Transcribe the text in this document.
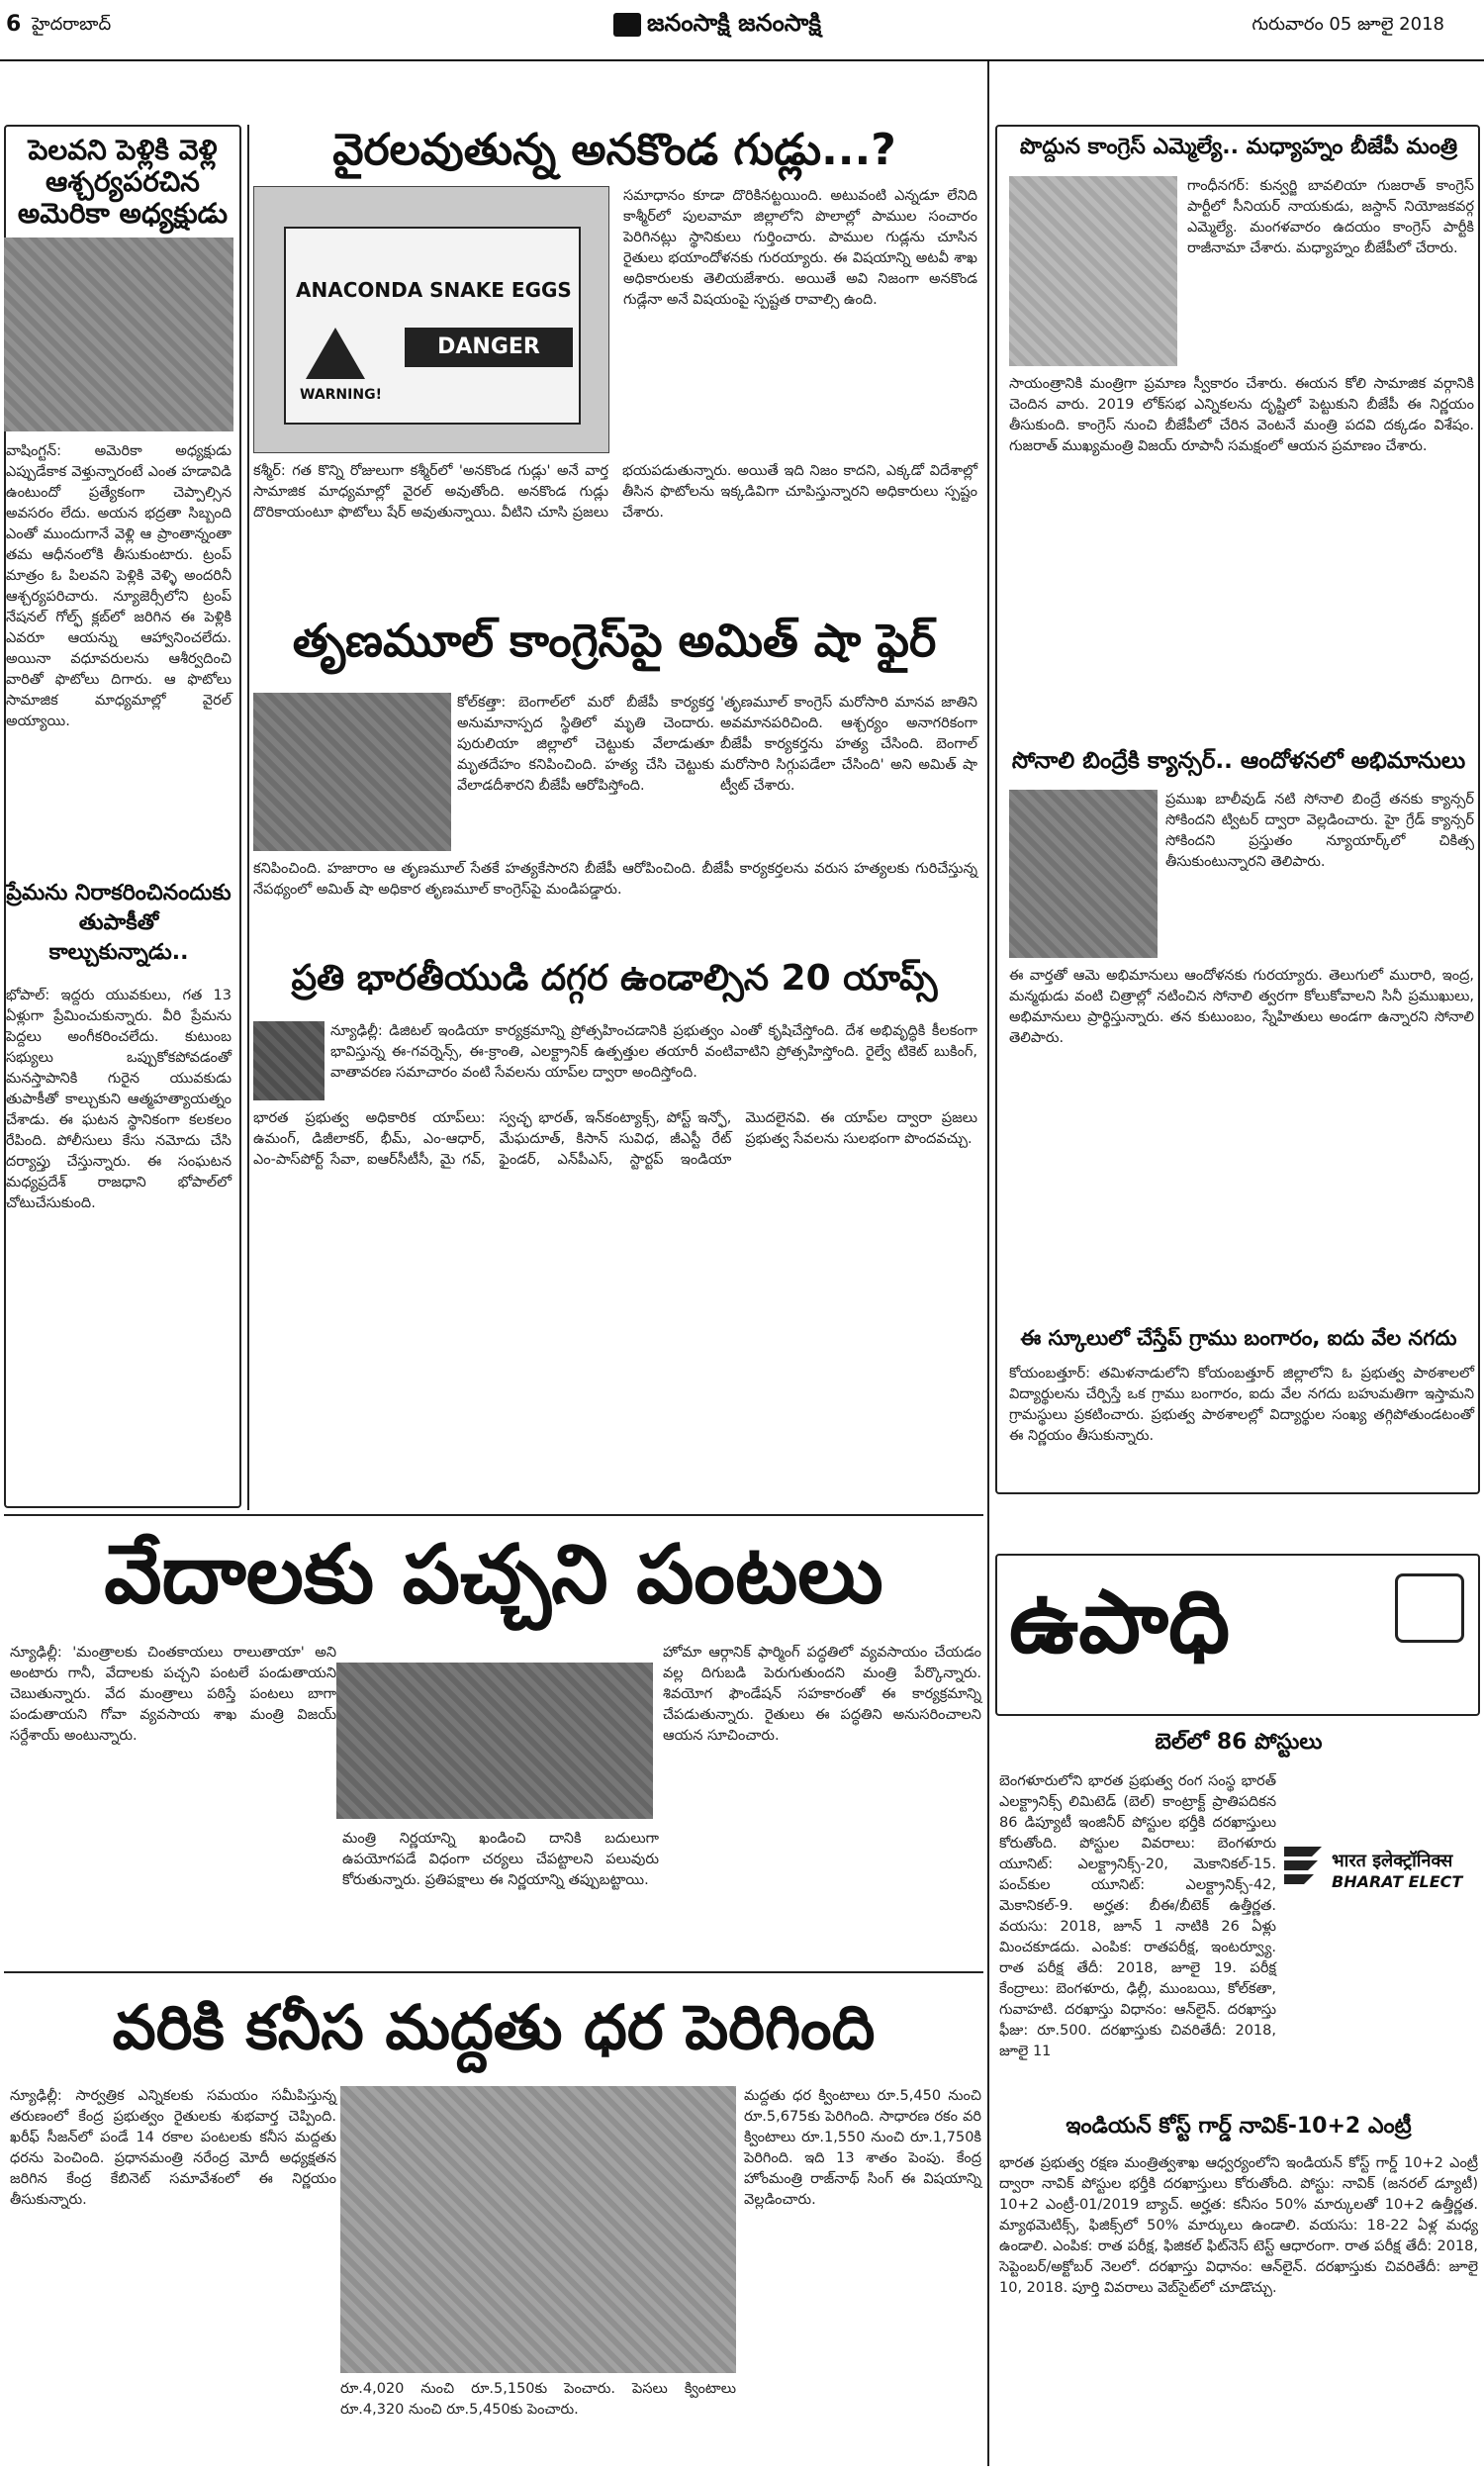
6 హైదరాబాద్	జనంసాక్షి జనంసాక్షి	గురువారం 05 జూలై 2018
పెలవని పెళ్లికి వెళ్లి ఆశ్చర్యపరచిన అమెరికా అధ్యక్షుడు
వాషింగ్టన్: అమెరికా అధ్యక్షుడు ఎప్పుడేకాక వెళ్తున్నారంటే ఎంత హడావిడి ఉంటుందో ప్రత్యేకంగా చెప్పాల్సిన అవసరం లేదు. అయన భద్రతా సిబ్బంది ఎంతో ముందుగానే వెళ్లి ఆ ప్రాంతాన్నంతా తమ ఆధీనంలోకి తీసుకుంటారు. ట్రంప్ మాత్రం ఓ పిలవని పెళ్లికి వెళ్ళి అందరినీ ఆశ్చర్యపరిచారు. న్యూజెర్సీలోని ట్రంప్ నేషనల్ గోల్ఫ్ క్లబ్‌లో జరిగిన ఈ పెళ్లికి ఎవరూ ఆయన్ను ఆహ్వానించలేదు. అయినా వధూవరులను ఆశీర్వదించి వారితో ఫొటోలు దిగారు. ఆ ఫొటోలు సామాజిక మాధ్యమాల్లో వైరల్ అయ్యాయి.
ప్రేమను నిరాకరించినందుకు తుపాకీతో కాల్చుకున్నాడు..
భోపాల్: ఇద్దరు యువకులు, గత 13 ఏళ్లుగా ప్రేమించుకున్నారు. వీరి ప్రేమను పెద్దలు అంగీకరించలేదు. కుటుంబ సభ్యులు ఒప్పుకోకపోవడంతో మనస్తాపానికి గురైన యువకుడు తుపాకీతో కాల్చుకుని ఆత్మహత్యాయత్నం చేశాడు. ఈ ఘటన స్థానికంగా కలకలం రేపింది. పోలీసులు కేసు నమోదు చేసి దర్యాప్తు చేస్తున్నారు. ఈ సంఘటన మధ్యప్రదేశ్ రాజధాని భోపాల్‌లో చోటుచేసుకుంది.
వైరలవుతున్న అనకొండ గుడ్లు...?
ANACONDA SNAKE EGGS
DANGER
WARNING!
సమాధానం కూడా దొరికినట్టయింది. అటువంటి ఎన్నడూ లేనిది కాశ్మీర్‌లో పులవామా జిల్లాలోని పొలాల్లో పాముల సంచారం పెరిగినట్లు స్థానికులు గుర్తించారు. పాముల గుడ్లను చూసిన రైతులు భయాందోళనకు గురయ్యారు. ఈ విషయాన్ని అటవీ శాఖ అధికారులకు తెలియజేశారు. అయితే అవి నిజంగా అనకొండ గుడ్లేనా అనే విషయంపై స్పష్టత రావాల్సి ఉంది.
కశ్మీర్: గత కొన్ని రోజులుగా కశ్మీర్‌లో 'అనకొండ గుడ్లు' అనే వార్త సామాజిక మాధ్యమాల్లో వైరల్ అవుతోంది. అనకొండ గుడ్లు దొరికాయంటూ ఫొటోలు షేర్ అవుతున్నాయి. వీటిని చూసి ప్రజలు భయపడుతున్నారు. అయితే ఇది నిజం కాదని, ఎక్కడో విదేశాల్లో తీసిన ఫొటోలను ఇక్కడివిగా చూపిస్తున్నారని అధికారులు స్పష్టం చేశారు.
తృణమూల్ కాంగ్రెస్‌పై అమిత్ షా ఫైర్
కోల్‌కత్తా: బెంగాల్‌లో మరో బీజేపీ కార్యకర్త అనుమానాస్పద స్థితిలో మృతి చెందారు. పురులియా జిల్లాలో చెట్టుకు వేలాడుతూ మృతదేహం కనిపించింది. హత్య చేసి చెట్టుకు వేలాడదీశారని బీజేపీ ఆరోపిస్తోంది.
'తృణమూల్ కాంగ్రెస్ మరోసారి మానవ జాతిని అవమానపరిచింది. ఆశ్చర్యం అనాగరికంగా బీజేపీ కార్యకర్తను హత్య చేసింది. బెంగాల్ మరోసారి సిగ్గుపడేలా చేసింది' అని అమిత్ షా ట్వీట్ చేశారు.
కనిపించింది. హజారాం ఆ తృణమూల్ సేతకే హత్యకేసారని బీజేపీ ఆరోపించింది. బీజేపీ కార్యకర్తలను వరుస హత్యలకు గురిచేస్తున్న నేపథ్యంలో అమిత్ షా అధికార తృణమూల్ కాంగ్రెస్‌పై మండిపడ్డారు.
ప్రతి భారతీయుడి దగ్గర ఉండాల్సిన 20 యాప్స్
న్యూఢిల్లీ: డిజిటల్ ఇండియా కార్యక్రమాన్ని ప్రోత్సహించడానికి ప్రభుత్వం ఎంతో కృషిచేస్తోంది. దేశ అభివృద్ధికి కీలకంగా భావిస్తున్న ఈ-గవర్నెన్స్, ఈ-క్రాంతి, ఎలక్ట్రానిక్ ఉత్పత్తుల తయారీ వంటివాటిని ప్రోత్సహిస్తోంది. రైల్వే టికెట్ బుకింగ్, వాతావరణ సమాచారం వంటి సేవలను యాప్‌ల ద్వారా అందిస్తోంది.
భారత ప్రభుత్వ అధికారిక యాప్‌లు: ఉమంగ్, డిజీలాకర్, భీమ్, ఎం-ఆధార్, ఎం-పాస్‌పోర్ట్ సేవా, ఐఆర్‌సీటీసీ, మై గవ్, స్వచ్ఛ భారత్, ఇన్‌కంట్యాక్స్, పోస్ట్ ఇన్ఫో, మేఘదూత్, కిసాన్ సువిధ, జీఎస్టీ రేట్ ఫైండర్, ఎన్‌పీఎస్, స్టార్టప్ ఇండియా మొదలైనవి. ఈ యాప్‌ల ద్వారా ప్రజలు ప్రభుత్వ సేవలను సులభంగా పొందవచ్చు.
పొద్దున కాంగ్రెస్ ఎమ్మెల్యే.. మధ్యాహ్నం బీజేపీ మంత్రి
గాంధీనగర్: కున్వర్జి బావలియా గుజరాత్ కాంగ్రెస్ పార్టీలో సీనియర్ నాయకుడు, జస్దాన్ నియోజకవర్గ ఎమ్మెల్యే. మంగళవారం ఉదయం కాంగ్రెస్ పార్టీకి రాజీనామా చేశారు. మధ్యాహ్నం బీజేపీలో చేరారు.
సాయంత్రానికి మంత్రిగా ప్రమాణ స్వీకారం చేశారు. ఈయన కోలి సామాజిక వర్గానికి చెందిన వారు. 2019 లోక్‌సభ ఎన్నికలను దృష్టిలో పెట్టుకుని బీజేపీ ఈ నిర్ణయం తీసుకుంది. కాంగ్రెస్ నుంచి బీజేపీలో చేరిన వెంటనే మంత్రి పదవి దక్కడం విశేషం. గుజరాత్ ముఖ్యమంత్రి విజయ్ రూపానీ సమక్షంలో ఆయన ప్రమాణం చేశారు.
సోనాలి బింద్రేకి క్యాన్సర్.. ఆందోళనలో అభిమానులు
ప్రముఖ బాలీవుడ్ నటి సోనాలి బింద్రే తనకు క్యాన్సర్ సోకిందని ట్విటర్ ద్వారా వెల్లడించారు. హై గ్రేడ్ క్యాన్సర్ సోకిందని ప్రస్తుతం న్యూయార్క్‌లో చికిత్స తీసుకుంటున్నారని తెలిపారు.
ఈ వార్తతో ఆమె అభిమానులు ఆందోళనకు గురయ్యారు. తెలుగులో మురారి, ఇంద్ర, మన్మథుడు వంటి చిత్రాల్లో నటించిన సోనాలి త్వరగా కోలుకోవాలని సినీ ప్రముఖులు, అభిమానులు ప్రార్థిస్తున్నారు. తన కుటుంబం, స్నేహితులు అండగా ఉన్నారని సోనాలి తెలిపారు.
ఈ స్కూలులో చేస్తేప్ గ్రాము బంగారం, ఐదు వేల నగదు
కోయంబత్తూర్: తమిళనాడులోని కోయంబత్తూర్ జిల్లాలోని ఓ ప్రభుత్వ పాఠశాలలో విద్యార్థులను చేర్పిస్తే ఒక గ్రాము బంగారం, ఐదు వేల నగదు బహుమతిగా ఇస్తామని గ్రామస్థులు ప్రకటించారు. ప్రభుత్వ పాఠశాలల్లో విద్యార్థుల సంఖ్య తగ్గిపోతుండటంతో ఈ నిర్ణయం తీసుకున్నారు.
వేదాలకు పచ్చని పంటలు
న్యూఢిల్లీ: 'మంత్రాలకు చింతకాయలు రాలుతాయా' అని అంటారు గానీ, వేదాలకు పచ్చని పంటలే పండుతాయని చెబుతున్నారు. వేద మంత్రాలు పఠిస్తే పంటలు బాగా పండుతాయని గోవా వ్యవసాయ శాఖ మంత్రి విజయ్ సర్దేశాయ్ అంటున్నారు.
మంత్రి నిర్ణయాన్ని ఖండించి దానికి బదులుగా ఉపయోగపడే విధంగా చర్యలు చేపట్టాలని పలువురు కోరుతున్నారు. ప్రతిపక్షాలు ఈ నిర్ణయాన్ని తప్పుబట్టాయి.
హోమా ఆర్గానిక్ ఫార్మింగ్ పద్ధతిలో వ్యవసాయం చేయడం వల్ల దిగుబడి పెరుగుతుందని మంత్రి పేర్కొన్నారు. శివయోగ ఫౌండేషన్ సహకారంతో ఈ కార్యక్రమాన్ని చేపడుతున్నారు. రైతులు ఈ పద్ధతిని అనుసరించాలని ఆయన సూచించారు.
వరికి కనీస మద్దతు ధర పెరిగింది
న్యూఢిల్లీ: సార్వత్రిక ఎన్నికలకు సమయం సమీపిస్తున్న తరుణంలో కేంద్ర ప్రభుత్వం రైతులకు శుభవార్త చెప్పింది. ఖరీఫ్ సీజన్‌లో పండే 14 రకాల పంటలకు కనీస మద్దతు ధరను పెంచింది. ప్రధానమంత్రి నరేంద్ర మోదీ అధ్యక్షతన జరిగిన కేంద్ర కేబినెట్ సమావేశంలో ఈ నిర్ణయం తీసుకున్నారు.
రూ.4,020 నుంచి రూ.5,150కు పెంచారు. పెసలు క్వింటాలు రూ.4,320 నుంచి రూ.5,450కు పెంచారు.
మద్దతు ధర క్వింటాలు రూ.5,450 నుంచి రూ.5,675కు పెరిగింది. సాధారణ రకం వరి క్వింటాలు రూ.1,550 నుంచి రూ.1,750కి పెరిగింది. ఇది 13 శాతం పెంపు. కేంద్ర హోంమంత్రి రాజ్‌నాథ్ సింగ్ ఈ విషయాన్ని వెల్లడించారు.
ఉపాధి
బెల్‌లో 86 పోస్టులు
బెంగళూరులోని భారత ప్రభుత్వ రంగ సంస్థ భారత్ ఎలక్ట్రానిక్స్ లిమిటెడ్ (బెల్) కాంట్రాక్ట్ ప్రాతిపదికన 86 డిప్యూటీ ఇంజినీర్ పోస్టుల భర్తీకి దరఖాస్తులు కోరుతోంది. పోస్టుల వివరాలు: బెంగళూరు యూనిట్: ఎలక్ట్రానిక్స్-20, మెకానికల్-15. పంచ్‌కుల యూనిట్: ఎలక్ట్రానిక్స్-42, మెకానికల్-9. అర్హత: బీఈ/బీటెక్ ఉత్తీర్ణత. వయసు: 2018, జూన్ 1 నాటికి 26 ఏళ్లు మించకూడదు. ఎంపిక: రాతపరీక్ష, ఇంటర్వ్యూ. రాత పరీక్ష తేదీ: 2018, జూలై 19. పరీక్ష కేంద్రాలు: బెంగళూరు, ఢిల్లీ, ముంబయి, కోల్‌కతా, గువాహటి. దరఖాస్తు విధానం: ఆన్‌లైన్. దరఖాస్తు ఫీజు: రూ.500. దరఖాస్తుకు చివరితేదీ: 2018, జూలై 11
भारत इलेक्ट्रॉनिक्स
BHARAT ELECT
ఇండియన్ కోస్ట్ గార్డ్ నావిక్-10+2 ఎంట్రీ
భారత ప్రభుత్వ రక్షణ మంత్రిత్వశాఖ ఆధ్వర్యంలోని ఇండియన్ కోస్ట్ గార్డ్ 10+2 ఎంట్రీ ద్వారా నావిక్ పోస్టుల భర్తీకి దరఖాస్తులు కోరుతోంది. పోస్టు: నావిక్ (జనరల్ డ్యూటీ) 10+2 ఎంట్రీ-01/2019 బ్యాచ్. అర్హత: కనీసం 50% మార్కులతో 10+2 ఉత్తీర్ణత. మ్యాథమెటిక్స్, ఫిజిక్స్‌లో 50% మార్కులు ఉండాలి. వయసు: 18-22 ఏళ్ల మధ్య ఉండాలి. ఎంపిక: రాత పరీక్ష, ఫిజికల్ ఫిట్‌నెస్ టెస్ట్ ఆధారంగా. రాత పరీక్ష తేదీ: 2018, సెప్టెంబర్/అక్టోబర్ నెలలో. దరఖాస్తు విధానం: ఆన్‌లైన్. దరఖాస్తుకు చివరితేదీ: జూలై 10, 2018. పూర్తి వివరాలు వెబ్‌సైట్‌లో చూడొచ్చు.
